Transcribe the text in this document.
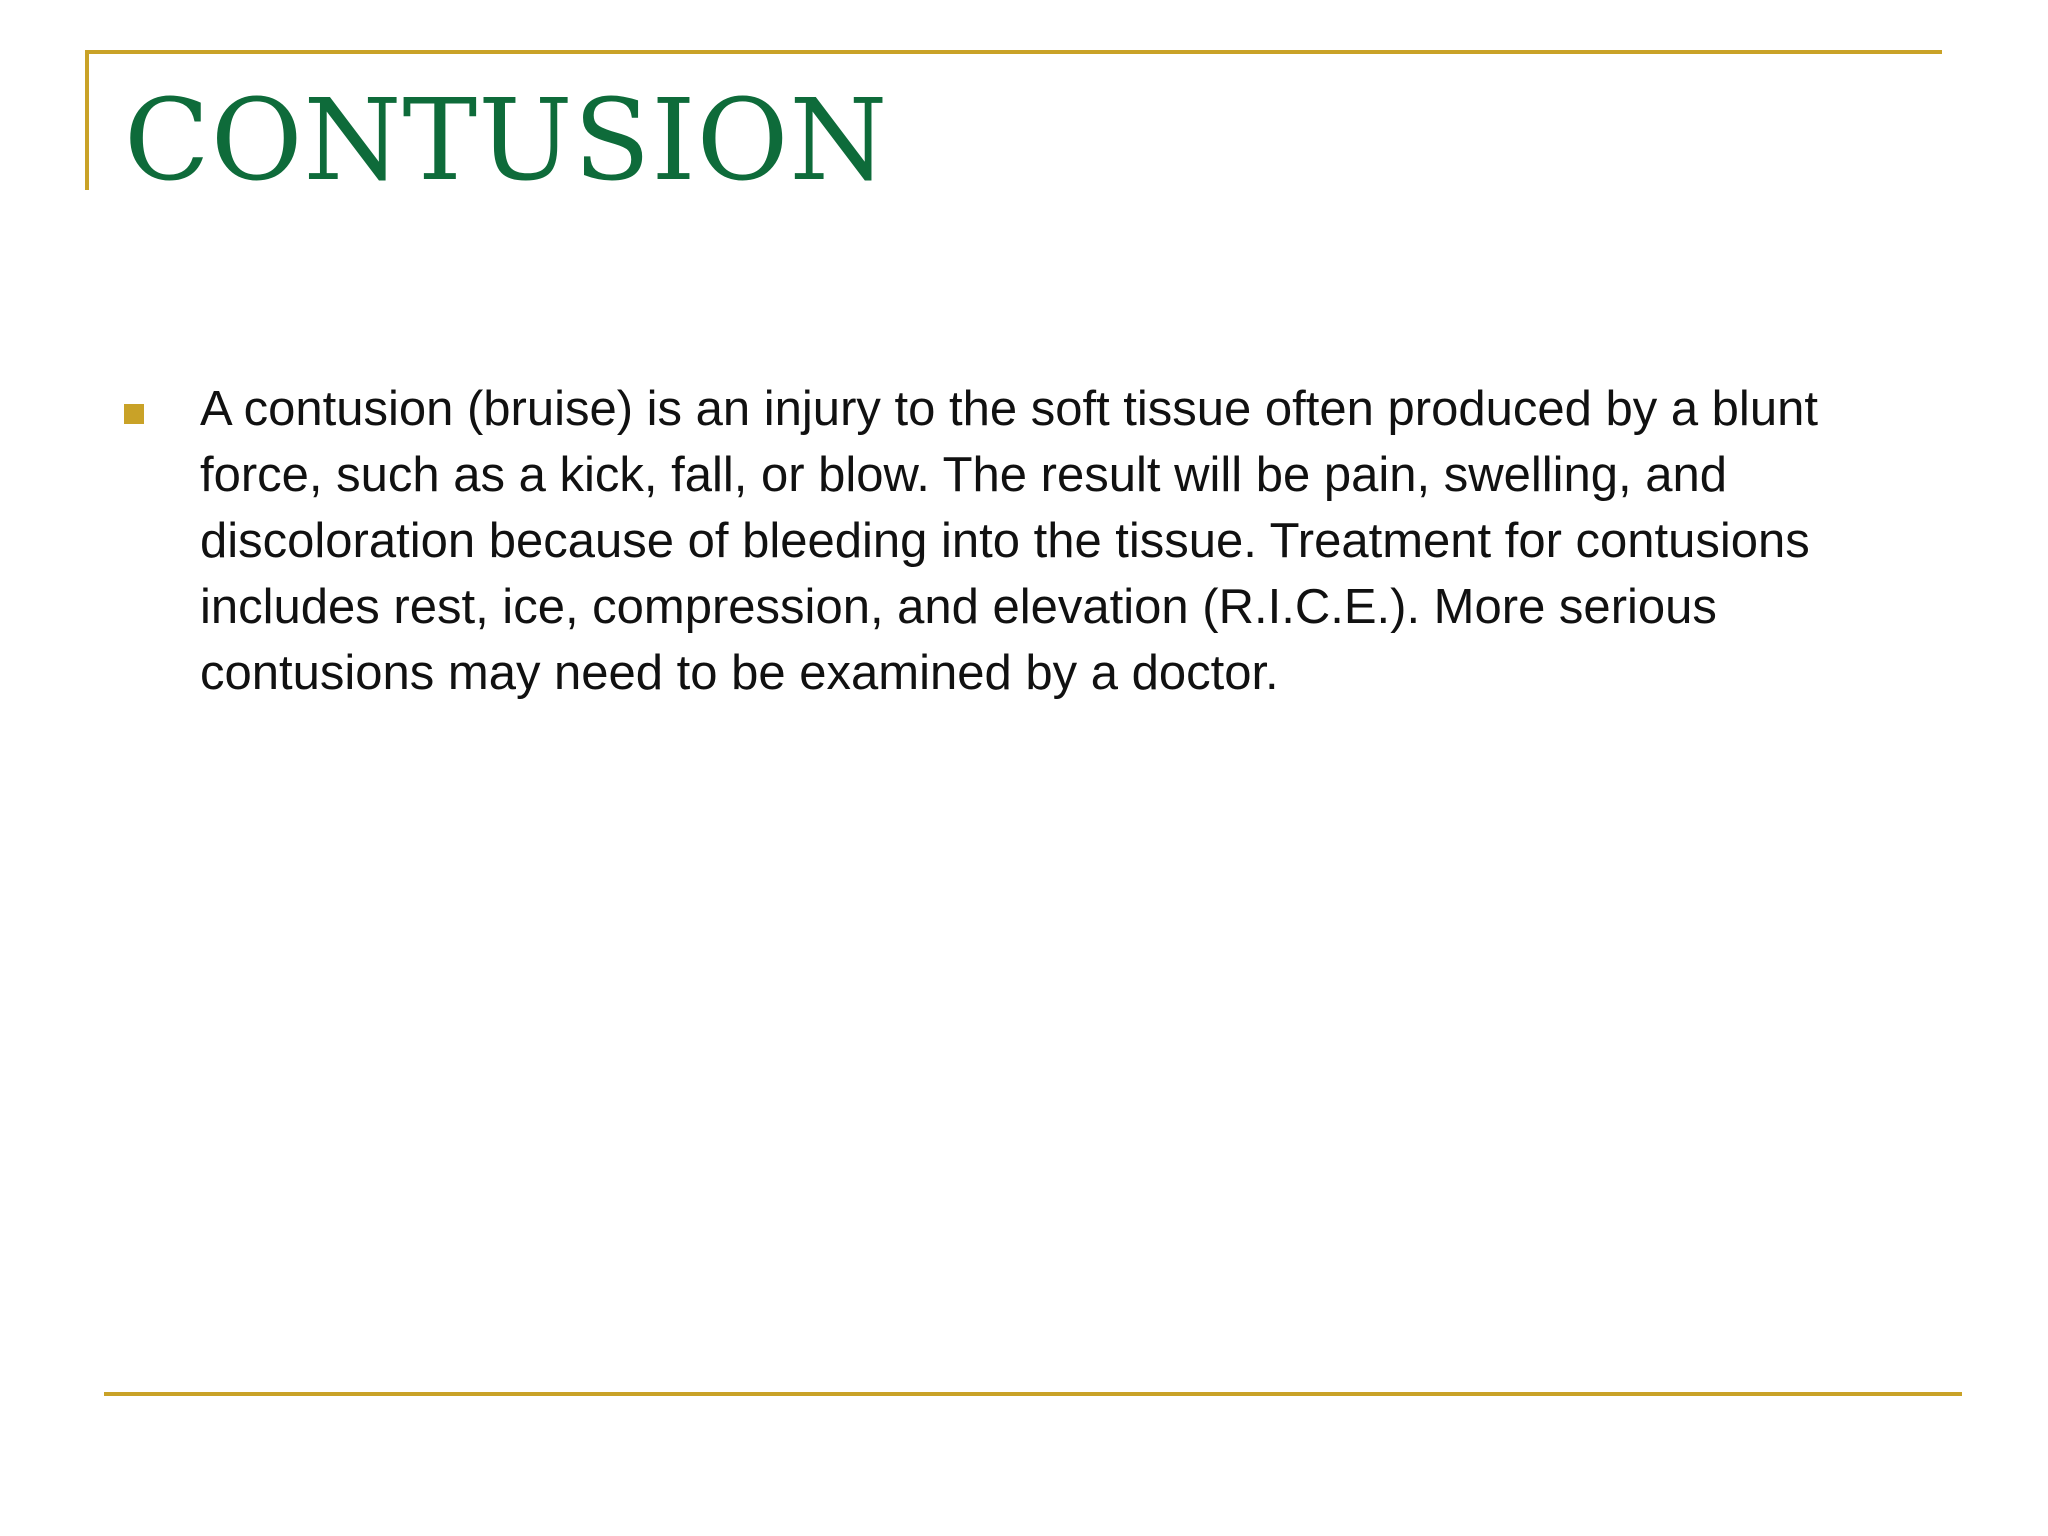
CONTUSION

A contusion (bruise) is an injury to the soft tissue often produced by a blunt force, such as a kick, fall, or blow. The result will be pain, swelling, and discoloration because of bleeding into the tissue. Treatment for contusions includes rest, ice, compression, and elevation (R.I.C.E.). More serious contusions may need to be examined by a doctor.
